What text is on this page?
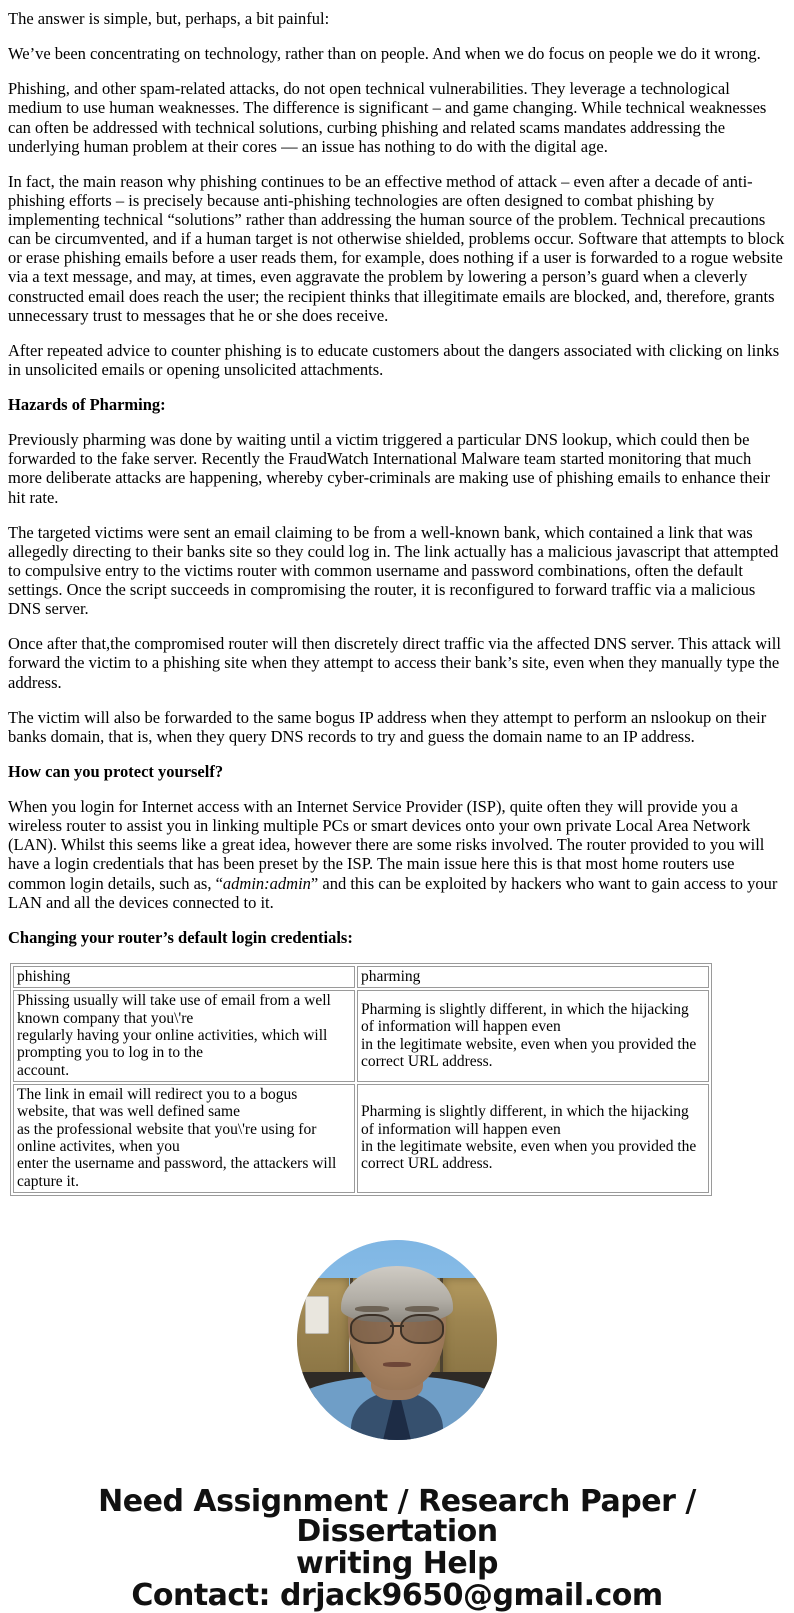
The answer is simple, but, perhaps, a bit painful:

We’ve been concentrating on technology, rather than on people. And when we do focus on people we do it wrong.

Phishing, and other spam-related attacks, do not open technical vulnerabilities. They leverage a technological medium to use human weaknesses. The difference is significant – and game changing. While technical weaknesses can often be addressed with technical solutions, curbing phishing and related scams mandates addressing the underlying human problem at their cores — an issue has nothing to do with the digital age.

In fact, the main reason why phishing continues to be an effective method of attack – even after a decade of anti-phishing efforts – is precisely because anti-phishing technologies are often designed to combat phishing by implementing technical “solutions” rather than addressing the human source of the problem. Technical precautions can be circumvented, and if a human target is not otherwise shielded, problems occur. Software that attempts to block or erase phishing emails before a user reads them, for example, does nothing if a user is forwarded to a rogue website via a text message, and may, at times, even aggravate the problem by lowering a person’s guard when a cleverly constructed email does reach the user; the recipient thinks that illegitimate emails are blocked, and, therefore, grants unnecessary trust to messages that he or she does receive.

After repeated advice to counter phishing is to educate customers about the dangers associated with clicking on links in unsolicited emails or opening unsolicited attachments.

Hazards of Pharming:

Previously pharming was done by waiting until a victim triggered a particular DNS lookup, which could then be forwarded to the fake server. Recently the FraudWatch International Malware team started monitoring that much more deliberate attacks are happening, whereby cyber-criminals are making use of phishing emails to enhance their hit rate.

The targeted victims were sent an email claiming to be from a well-known bank, which contained a link that was allegedly directing to their banks site so they could log in. The link actually has a malicious javascript that attempted to compulsive entry to the victims router with common username and password combinations, often the default settings. Once the script succeeds in compromising the router, it is reconfigured to forward traffic via a malicious DNS server.

Once after that,the compromised router will then discretely direct traffic via the affected DNS server. This attack will forward the victim to a phishing site when they attempt to access their bank’s site, even when they manually type the address.

The victim will also be forwarded to the same bogus IP address when they attempt to perform an nslookup on their banks domain, that is, when they query DNS records to try and guess the domain name to an IP address.

How can you protect yourself?

When you login for Internet access with an Internet Service Provider (ISP), quite often they will provide you a wireless router to assist you in linking multiple PCs or smart devices onto your own private Local Area Network (LAN). Whilst this seems like a great idea, however there are some risks involved. The router provided to you will have a login credentials that has been preset by the ISP. The main issue here this is that most home routers use common login details, such as, “admin:admin” and this can be exploited by hackers who want to gain access to your LAN and all the devices connected to it.

Changing your router’s default login credentials:
phishing	pharming
Phissing usually will take use of email from a well known company that you\'re
regularly having your online activities, which will prompting you to log in to the
account.	Pharming is slightly different, in which the hijacking of information will happen even
in the legitimate website, even when you provided the correct URL address.
The link in email will redirect you to a bogus website, that was well defined same
as the professional website that you\'re using for online activites, when you
enter the username and password, the attackers will capture it.	Pharming is slightly different, in which the hijacking of information will happen even
in the legitimate website, even when you provided the correct URL address.
Need Assignment / Research Paper / Dissertation
writing Help
Contact: drjack9650@gmail.com
